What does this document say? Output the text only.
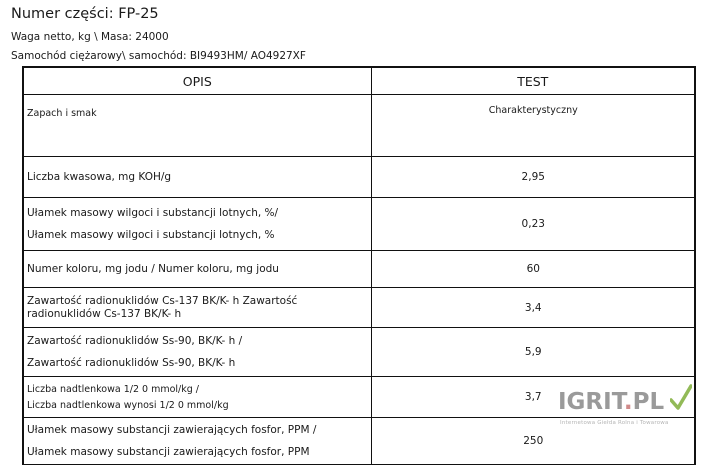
Numer części: FP-25
Waga netto, kg \ Masa: 24000
Samochód ciężarowy\ samochód: BI9493HM/ AO4927XF
OPIS	TEST

Zapach i smak	Charakterystyczny

Liczba kwasowa, mg KOH/g	2,95

Ułamek masowy wilgoci i substancji lotnych, %/
Ułamek masowy wilgoci i substancji lotnych, %	0,23

Numer koloru, mg jodu / Numer koloru, mg jodu	60

Zawartość radionuklidów Cs-137 BK/K- h Zawartość
radionuklidów Cs-137 BK/K- h	3,4

Zawartość radionuklidów Ss-90, BK/K- h /
Zawartość radionuklidów Ss-90, BK/K- h	5,9

Liczba nadtlenkowa 1/2 0 mmol/kg /
Liczba nadtlenkowa wynosi 1/2 0 mmol/kg	3,7

Ułamek masowy substancji zawierających fosfor, PPM /
Ułamek masowy substancji zawierających fosfor, PPM	250
IGRIT.PL
Internetowa Giełda Rolna i Towarowa
